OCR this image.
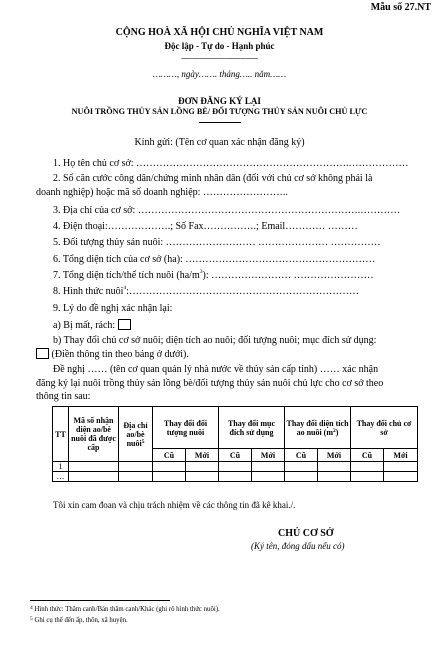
Mẫu số 27.NT
CỘNG HOÀ XÃ HỘI CHỦ NGHĨA VIỆT NAM
Độc lập - Tự do - Hạnh phúc
---------------------------------------
………, ngày……. tháng….. năm……
ĐƠN ĐĂNG KÝ LẠI
NUÔI TRỒNG THỦY SẢN LỒNG BÈ/ ĐỐI TƯỢNG THỦY SẢN NUÔI CHỦ LỰC
Kính gửi: (Tên cơ quan xác nhận đăng ký)
1. Họ tên chủ cơ sở: ……………………………………………………….………………
2. Số căn cước công dân/chứng minh nhân dân (đối với chủ cơ sở không phải là
doanh nghiệp) hoặc mã số doanh nghiệp: ……………………..
3. Địa chỉ của cơ sở: ………………………………………………………….…………
4. Điện thoại:……………….; Số Fax…………….; Email………… ………
5. Đối tượng thủy sản nuôi: ……………………… ………………… ……………
6. Tổng diện tích của cơ sở (ha): …………………………………………………
7. Tổng diện tích/thể tích nuôi $(ha/m^3)$: …………………… ……………………
8. Hình thức nuôi$^4$:……………………………………………………………
9. Lý do đề nghị xác nhận lại:
a) Bị mất, rách:
b) Thay đổi chủ cơ sở nuôi; diện tích ao nuôi; đối tượng nuôi; mục đích sử dụng:
(Điền thông tin theo bảng ở dưới).
Đề nghị …… (tên cơ quan quản lý nhà nước về thủy sản cấp tỉnh) …… xác nhận
đăng ký lại nuôi trồng thủy sản lồng bè/đối tượng thủy sản nuôi chủ lực cho cơ sở theo
thông tin sau:
TT	Mã số nhận diện ao/bè nuôi đã được cấp	Địa chỉ ao/bè nuôi$^5$	Thay đổi đối tượng nuôi		Thay đổi mục đích sử dụng		Thay đổi diện tích ao nuôi $(m^2)$		Thay đổi chủ cơ sở	
			Cũ	Mới	Cũ	Mới	Cũ	Mới	Cũ	Mới
1										
…										
Tôi xin cam đoan và chịu trách nhiệm về các thông tin đã kê khai./.
CHỦ CƠ SỞ
(Ký tên, đóng dấu nếu có)
$^4$ Hình thức: Thâm canh/Bán thâm canh/Khác (ghi rõ hình thức nuôi).
$^5$ Ghi cụ thể đến ấp, thôn, xã huyện.
